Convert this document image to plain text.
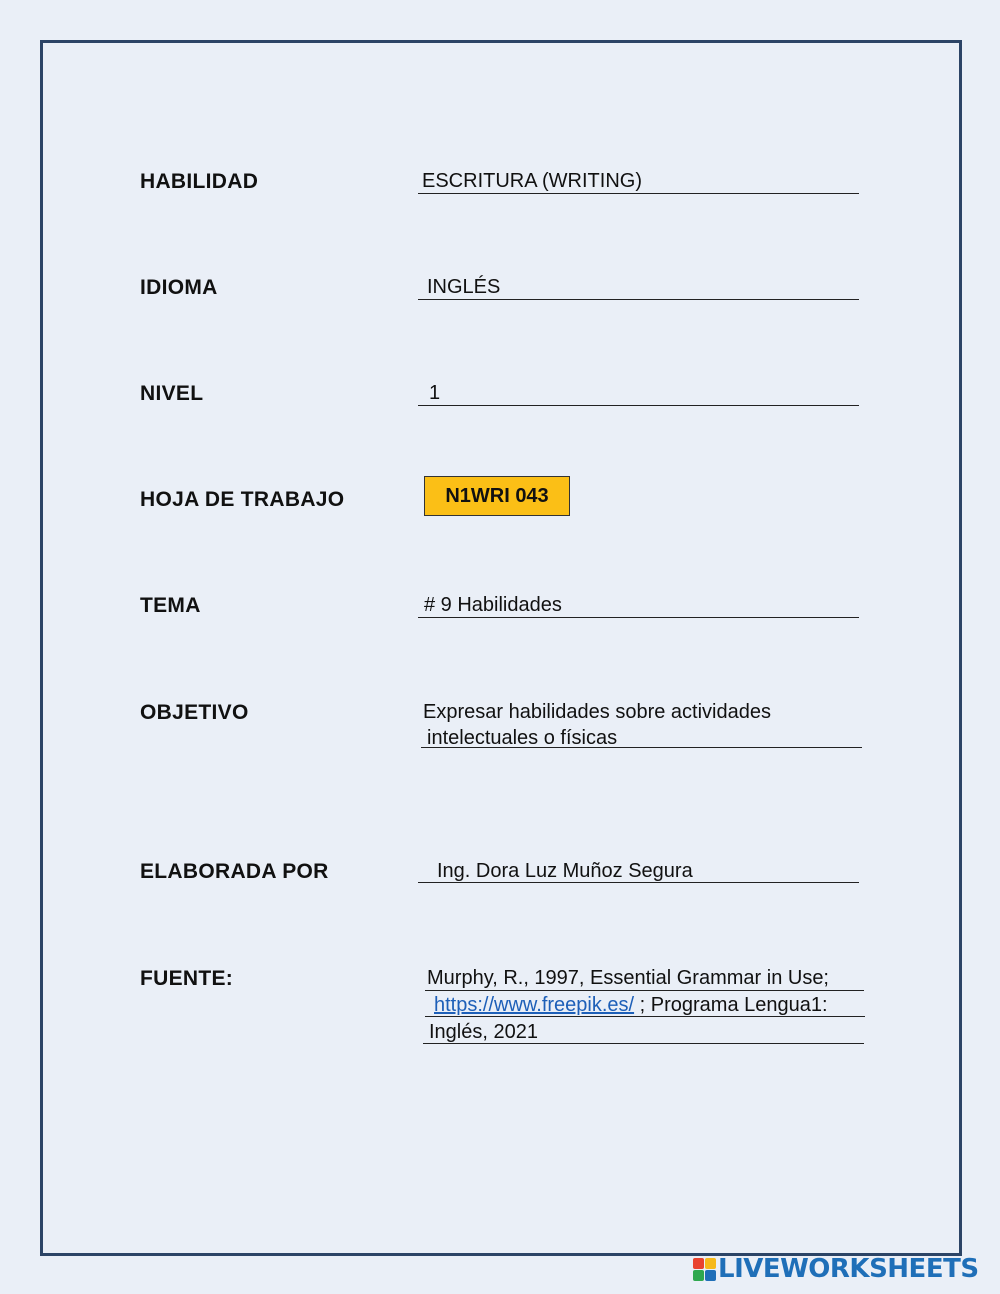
HABILIDAD	ESCRITURA (WRITING)
IDIOMA	INGLÉS
NIVEL	1
HOJA DE TRABAJO	N1WRI 043
TEMA	# 9 Habilidades
OBJETIVO	Expresar habilidades sobre actividades
intelectuales o físicas
ELABORADA POR	Ing. Dora Luz Muñoz Segura
FUENTE:	Murphy, R., 1997, Essential Grammar in Use;
https://www.freepik.es/ ; Programa Lengua1:
Inglés, 2021
LIVEWORKSHEETS
